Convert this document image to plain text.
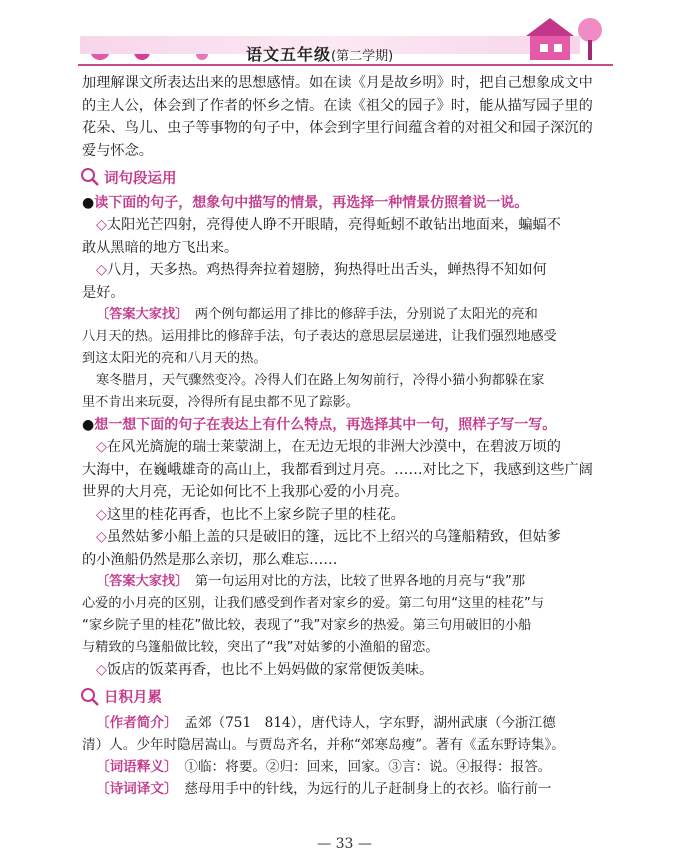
语文五年级(第二学期)

加理解课文所表达出来的思想感情。如在读《月是故乡明》时，把自己想象成文中

的主人公，体会到了作者的怀乡之情。在读《祖父的园子》时，能从描写园子里的

花朵、鸟儿、虫子等事物的句子中，体会到字里行间蕴含着的对祖父和园子深沉的

爱与怀念。

词句段运用

●读下面的句子，想象句中描写的情景，再选择一种情景仿照着说一说。

◇太阳光芒四射，亮得使人睁不开眼睛，亮得蚯蚓不敢钻出地面来，蝙蝠不

敢从黑暗的地方飞出来。

◇八月，天多热。鸡热得奔拉着翅膀，狗热得吐出舌头，蝉热得不知如何

是好。

〔答案大家找〕　 两个例句都运用了排比的修辞手法，分别说了太阳光的亮和

八月天的热。运用排比的修辞手法，句子表达的意思层层递进，让我们强烈地感受

到这太阳光的亮和八月天的热。

寒冬腊月，天气骤然变冷。冷得人们在路上匆匆前行，冷得小猫小狗都躲在家

里不肯出来玩耍，冷得所有昆虫都不见了踪影。

●想一想下面的句子在表达上有什么特点，再选择其中一句，照样子写一写。

◇在风光旖旎的瑞士莱蒙湖上，在无边无垠的非洲大沙漠中，在碧波万顷的

大海中，在巍峨雄奇的高山上，我都看到过月亮。……对比之下，我感到这些广阔

世界的大月亮，无论如何比不上我那心爱的小月亮。

◇这里的桂花再香，也比不上家乡院子里的桂花。

◇虽然姑爹小船上盖的只是破旧的篷，远比不上绍兴的乌篷船精致，但姑爹

的小渔船仍然是那么亲切，那么难忘……

〔答案大家找〕　 第一句运用对比的方法，比较了世界各地的月亮与“我”那

心爱的小月亮的区别，让我们感受到作者对家乡的爱。第二句用“这里的桂花”与

“家乡院子里的桂花”做比较，表现了“我”对家乡的热爱。第三句用破旧的小船

与精致的乌篷船做比较，突出了“我”对姑爹的小渔船的留恋。

◇饭店的饭菜再香，也比不上妈妈做的家常便饭美味。

日积月累

〔作者简介〕　 孟郊（751　814），唐代诗人，字东野，湖州武康（今浙江德

清）人。少年时隐居嵩山。与贾岛齐名，并称“郊寒岛瘦”。著有《孟东野诗集》。

〔词语释义〕　 ①临：将要。②归：回来，回家。③言：说。④报得：报答。

〔诗词译文〕　 慈母用手中的针线，为远行的儿子赶制身上的衣衫。临行前一

— 33 —
